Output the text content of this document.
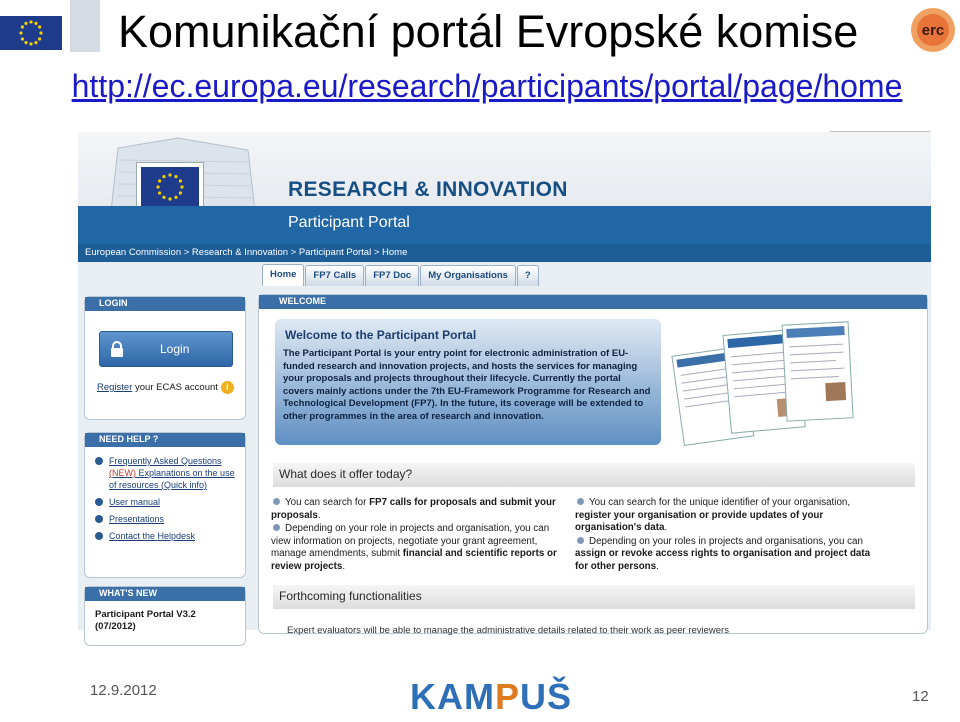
Komunikační portál Evropské komise
http://ec.europa.eu/research/participants/portal/page/home
erc
RESEARCH & INNOVATION
Participant Portal
European Commission > Research & Innovation > Participant Portal > Home
Home FP7 Calls FP7 Doc My Organisations ?
LOGIN
Login
Register your ECAS account i
NEED HELP ?
Frequently Asked Questions
(NEW) Explanations on the use of resources (Quick info)
User manual
Presentations
Contact the Helpdesk
WHAT'S NEW
Participant Portal V3.2
(07/2012)
WELCOME
Welcome to the Participant Portal
The Participant Portal is your entry point for electronic administration of EU-funded research and innovation projects, and hosts the services for managing your proposals and projects throughout their lifecycle. Currently the portal covers mainly actions under the 7th EU-Framework Programme for Research and Technological Development (FP7). In the future, its coverage will be extended to other programmes in the area of research and innovation.
What does it offer today?

You can search for FP7 calls for proposals and submit your proposals.

Depending on your role in projects and organisation, you can view information on projects, negotiate your grant agreement, manage amendments, submit financial and scientific reports or review projects.

You can search for the unique identifier of your organisation, register your organisation or provide updates of your organisation's data.

Depending on your roles in projects and organisations, you can assign or revoke access rights to organisation and project data for other persons.

Forthcoming functionalities
Expert evaluators will be able to manage the administrative details related to their work as peer reviewers
12.9.2012	KAMPUŠ	12
